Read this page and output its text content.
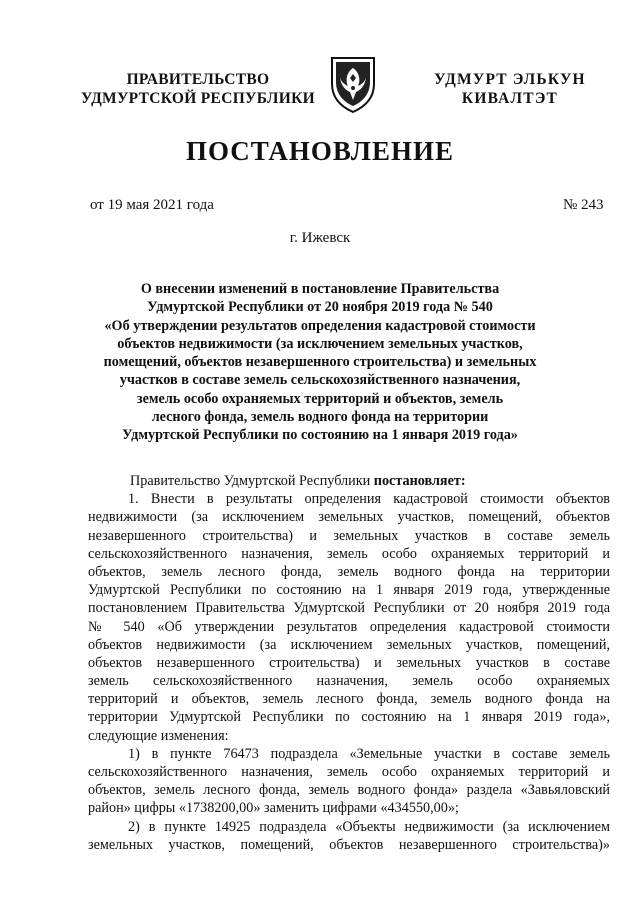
ПРАВИТЕЛЬСТВО
УДМУРТСКОЙ РЕСПУБЛИКИ
УДМУРТ ЭЛЬКУН
КИВАЛТЭТ
ПОСТАНОВЛЕНИЕ
от 19 мая 2021 года	№ 243
г. Ижевск
О внесении изменений в постановление Правительства
Удмуртской Республики от 20 ноября 2019 года № 540
«Об утверждении результатов определения кадастровой стоимости
объектов недвижимости (за исключением земельных участков,
помещений, объектов незавершенного строительства) и земельных
участков в составе земель сельскохозяйственного назначения,
земель особо охраняемых территорий и объектов, земель
лесного фонда, земель водного фонда на территории
Удмуртской Республики по состоянию на 1 января 2019 года»
Правительство Удмуртской Республики постановляет:
1. Внести в результаты определения кадастровой стоимости объектов
недвижимости (за исключением земельных участков, помещений, объектов
незавершенного строительства) и земельных участков в составе земель
сельскохозяйственного назначения, земель особо охраняемых территорий и
объектов, земель лесного фонда, земель водного фонда на территории
Удмуртской Республики по состоянию на 1 января 2019 года, утвержденные
постановлением Правительства Удмуртской Республики от 20 ноября 2019 года
№ 540 «Об утверждении результатов определения кадастровой стоимости
объектов недвижимости (за исключением земельных участков, помещений,
объектов незавершенного строительства) и земельных участков в составе
земель сельскохозяйственного назначения, земель особо охраняемых
территорий и объектов, земель лесного фонда, земель водного фонда на
территории Удмуртской Республики по состоянию на 1 января 2019 года»,
следующие изменения:
1) в пункте 76473 подраздела «Земельные участки в составе земель
сельскохозяйственного назначения, земель особо охраняемых территорий и
объектов, земель лесного фонда, земель водного фонда» раздела «Завьяловский
район» цифры «1738200,00» заменить цифрами «434550,00»;
2) в пункте 14925 подраздела «Объекты недвижимости (за исключением
земельных участков, помещений, объектов незавершенного строительства)»
